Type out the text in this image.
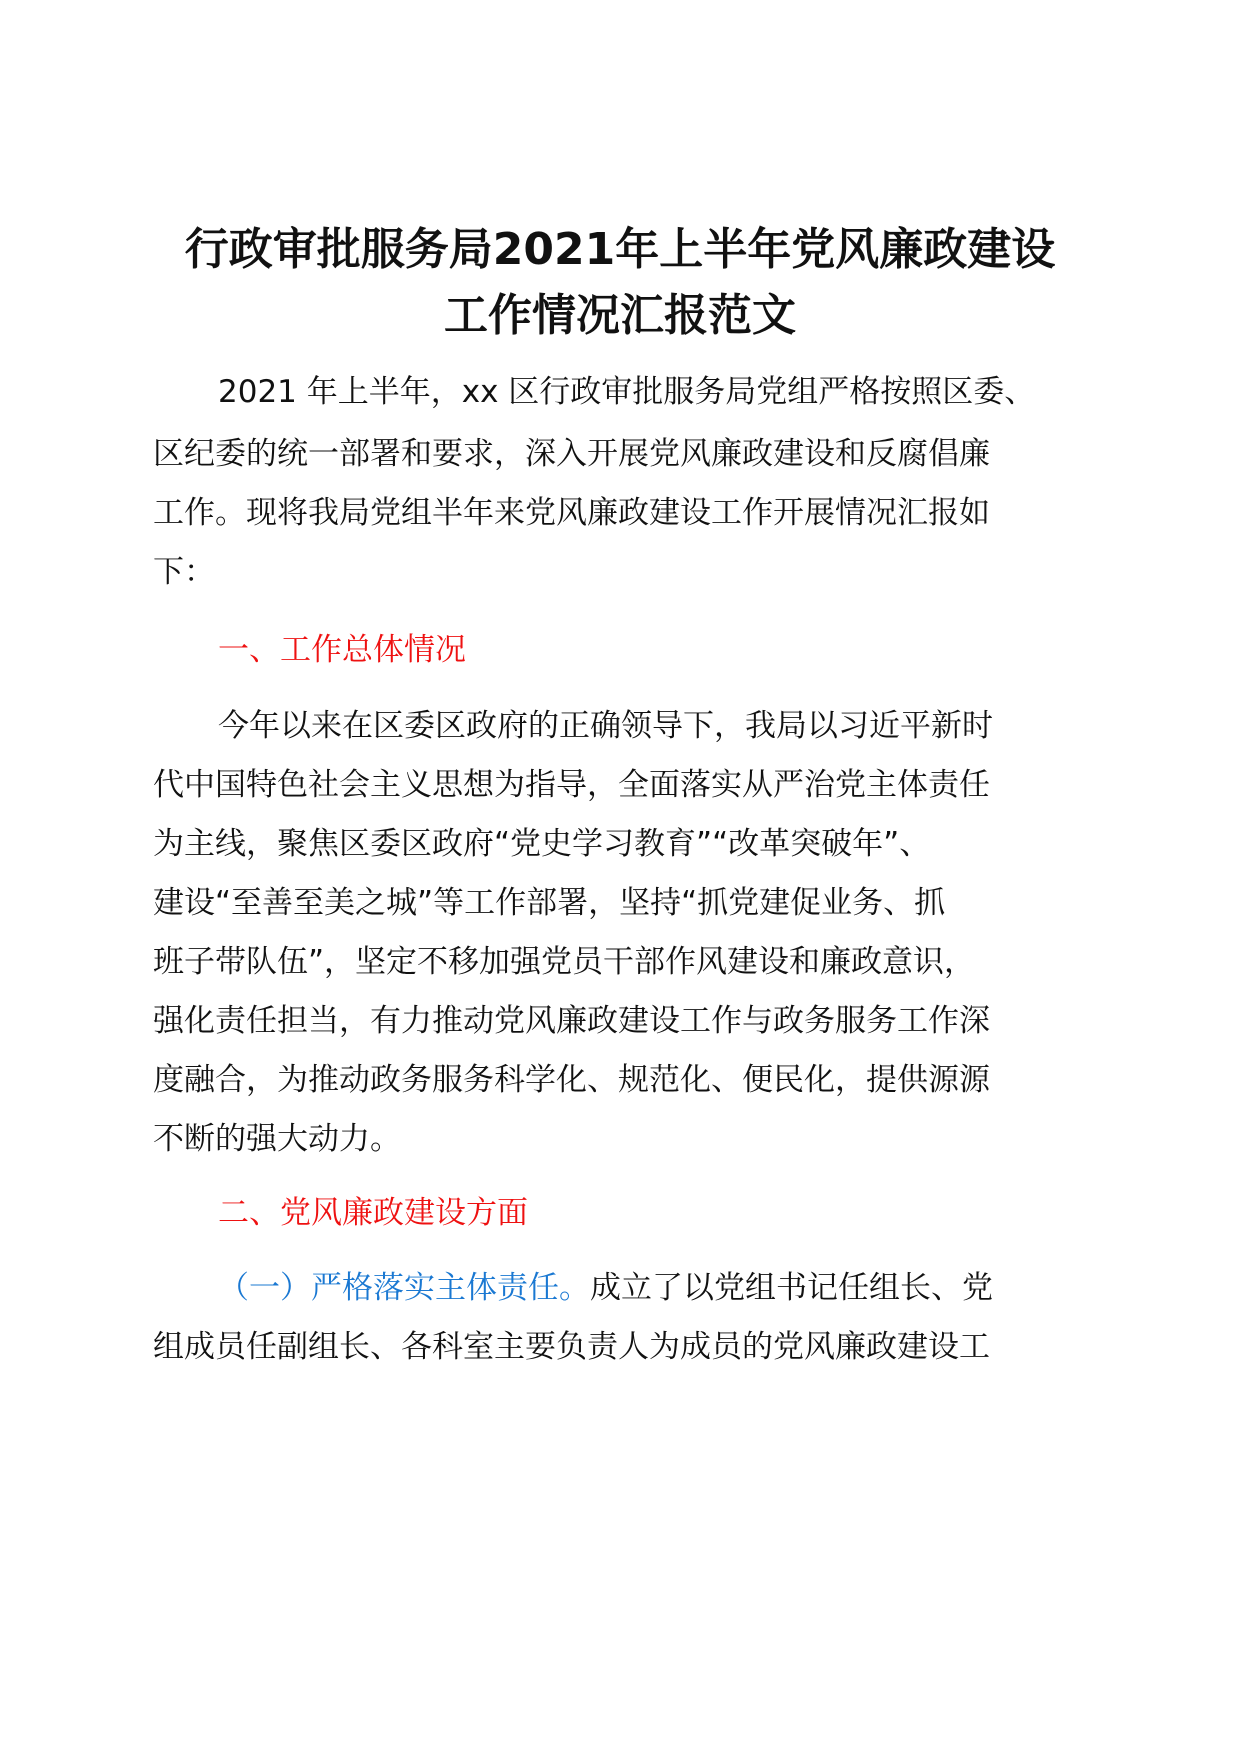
行政审批服务局2021年上半年党风廉政建设
工作情况汇报范文
2021 年上半年，xx 区行政审批服务局党组严格按照区委、
区纪委的统一部署和要求，深入开展党风廉政建设和反腐倡廉
工作。现将我局党组半年来党风廉政建设工作开展情况汇报如
下：
一、工作总体情况
今年以来在区委区政府的正确领导下，我局以习近平新时
代中国特色社会主义思想为指导，全面落实从严治党主体责任
为主线，聚焦区委区政府“党史学习教育”“改革突破年”、
建设“至善至美之城”等工作部署，坚持“抓党建促业务、抓
班子带队伍”，坚定不移加强党员干部作风建设和廉政意识，
强化责任担当，有力推动党风廉政建设工作与政务服务工作深
度融合，为推动政务服务科学化、规范化、便民化，提供源源
不断的强大动力。
二、党风廉政建设方面
（一）严格落实主体责任。成立了以党组书记任组长、党
组成员任副组长、各科室主要负责人为成员的党风廉政建设工
